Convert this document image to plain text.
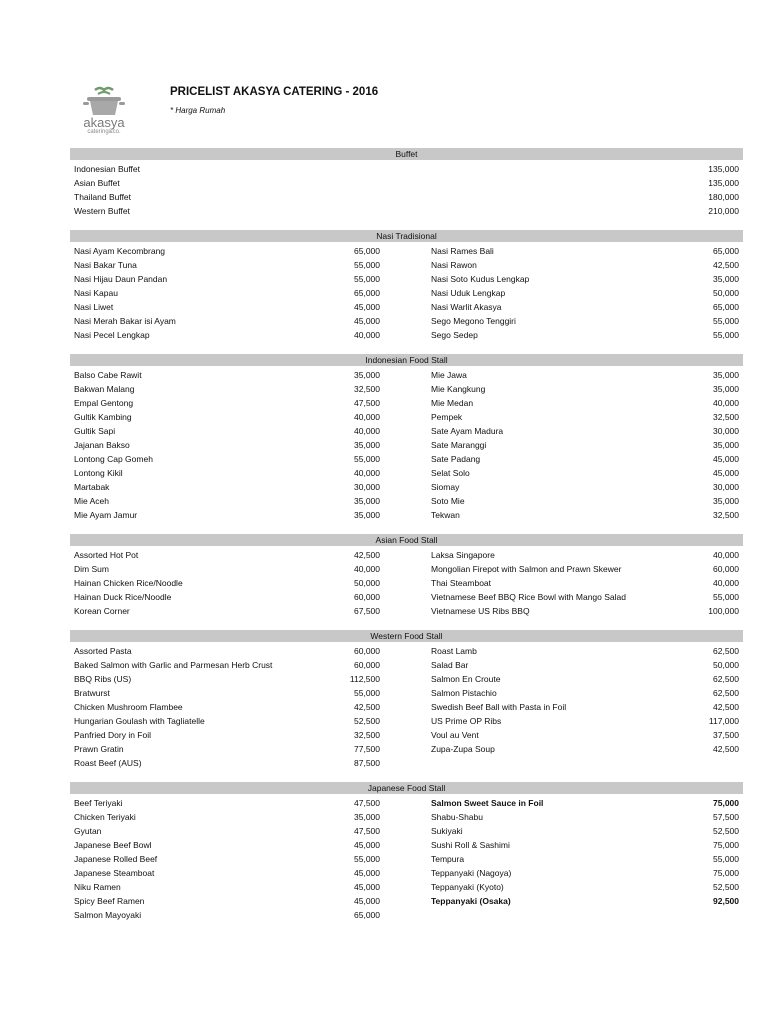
akasya
catering&co.
PRICELIST AKASYA CATERING - 2016
* Harga Rumah
Buffet
Indonesian Buffet	135,000
Asian Buffet	135,000
Thailand Buffet	180,000
Western Buffet	210,000
Nasi Tradisional
Nasi Ayam Kecombrang	65,000	Nasi Rames Bali	65,000
Nasi Bakar Tuna	55,000	Nasi Rawon	42,500
Nasi Hijau Daun Pandan	55,000	Nasi Soto Kudus Lengkap	35,000
Nasi Kapau	65,000	Nasi Uduk Lengkap	50,000
Nasi Liwet	45,000	Nasi Warlit Akasya	65,000
Nasi Merah Bakar isi Ayam	45,000	Sego Megono Tenggiri	55,000
Nasi Pecel Lengkap	40,000	Sego Sedep	55,000
Indonesian Food Stall
Balso Cabe Rawit	35,000	Mie Jawa	35,000
Bakwan Malang	32,500	Mie Kangkung	35,000
Empal Gentong	47,500	Mie Medan	40,000
Gultik Kambing	40,000	Pempek	32,500
Gultik Sapi	40,000	Sate Ayam Madura	30,000
Jajanan Bakso	35,000	Sate Maranggi	35,000
Lontong Cap Gomeh	55,000	Sate Padang	45,000
Lontong Kikil	40,000	Selat Solo	45,000
Martabak	30,000	Siomay	30,000
Mie Aceh	35,000	Soto Mie	35,000
Mie Ayam Jamur	35,000	Tekwan	32,500
Asian Food Stall
Assorted Hot Pot	42,500	Laksa Singapore	40,000
Dim Sum	40,000	Mongolian Firepot with Salmon and Prawn Skewer	60,000
Hainan Chicken Rice/Noodle	50,000	Thai Steamboat	40,000
Hainan Duck Rice/Noodle	60,000	Vietnamese Beef BBQ Rice Bowl with Mango Salad	55,000
Korean Corner	67,500	Vietnamese US Ribs BBQ	100,000
Western Food Stall
Assorted Pasta	60,000	Roast Lamb	62,500
Baked Salmon with Garlic and Parmesan Herb Crust	60,000	Salad Bar	50,000
BBQ Ribs (US)	112,500	Salmon En Croute	62,500
Bratwurst	55,000	Salmon Pistachio	62,500
Chicken Mushroom Flambee	42,500	Swedish Beef Ball with Pasta in Foil	42,500
Hungarian Goulash with Tagliatelle	52,500	US Prime OP Ribs	117,000
Panfried Dory in Foil	32,500	Voul au Vent	37,500
Prawn Gratin	77,500	Zupa-Zupa Soup	42,500
Roast Beef (AUS)	87,500
Japanese Food Stall
Beef Teriyaki	47,500	Salmon Sweet Sauce in Foil	75,000
Chicken Teriyaki	35,000	Shabu-Shabu	57,500
Gyutan	47,500	Sukiyaki	52,500
Japanese Beef Bowl	45,000	Sushi Roll & Sashimi	75,000
Japanese Rolled Beef	55,000	Tempura	55,000
Japanese Steamboat	45,000	Teppanyaki (Nagoya)	75,000
Niku Ramen	45,000	Teppanyaki (Kyoto)	52,500
Spicy Beef Ramen	45,000	Teppanyaki (Osaka)	92,500
Salmon Mayoyaki	65,000
